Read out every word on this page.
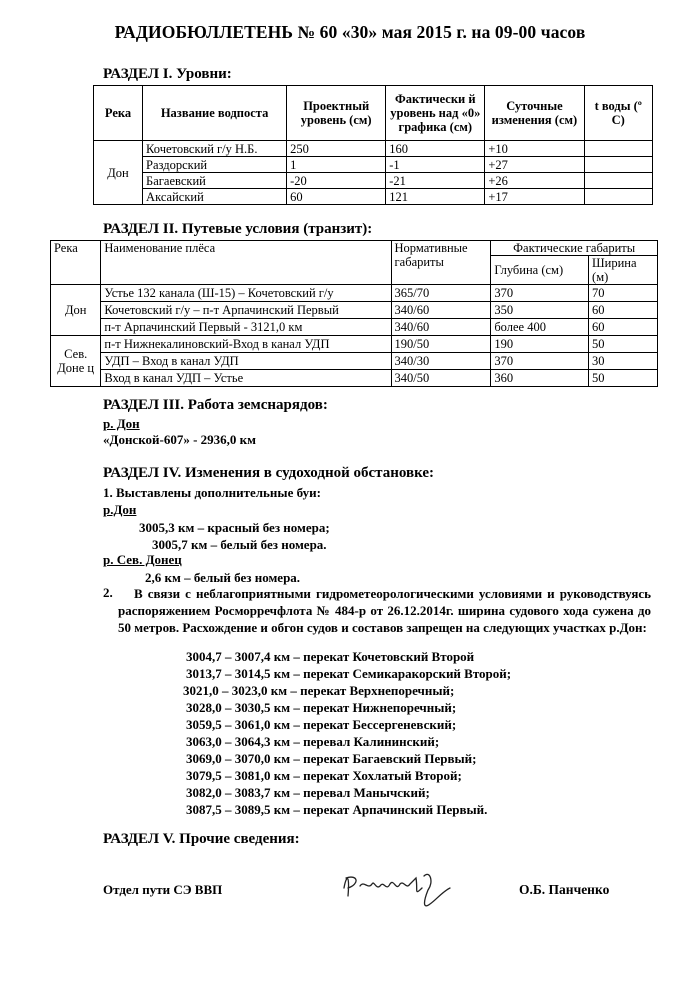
РАДИОБЮЛЛЕТЕНЬ № 60 «30» мая 2015 г. на 09-00 часов
РАЗДЕЛ I. Уровни:
Река	Название водпоста	Проектный уровень (см)	Фактически й уровень над «0» графика (см)	Суточные изменения (см)	t воды (º С)
Дон	Кочетовский г/у Н.Б.	250	160	+10	
	Раздорский	1	-1	+27	
	Багаевский	-20	-21	+26	
	Аксайский	60	121	+17	
РАЗДЕЛ II. Путевые условия (транзит):
Река	Наименование плёса	Нормативные габариты	Фактические габариты	
			Глубина (см)	Ширина (м)
Дон	Устье 132 канала (Ш-15) – Кочетовский г/у	365/70	370	70
	Кочетовский г/у – п-т Арпачинский Первый	340/60	350	60
	п-т Арпачинский Первый - 3121,0 км	340/60	более 400	60
Сев. Доне ц	п-т Нижнекалиновский-Вход в канал УДП	190/50	190	50
	УДП – Вход в канал УДП	340/30	370	30
	Вход в канал УДП – Устье	340/50	360	50
РАЗДЕЛ III. Работа земснарядов:
р. Дон
«Донской-607» - 2936,0 км
РАЗДЕЛ IV. Изменения в судоходной обстановке:
1. Выставлены дополнительные буи:
р.Дон
3005,3 км – красный без номера;
3005,7 км – белый без номера.
р. Сев. Донец
2,6 км – белый без номера.
2.	В связи с неблагоприятными гидрометеорологическими условиями и руководствуясь распоряжением Росморречфлота № 484-р от 26.12.2014г. ширина судового хода сужена до 50 метров. Расхождение и обгон судов и составов запрещен на следующих участках р.Дон:
3004,7 – 3007,4 км – перекат Кочетовский Второй
3013,7 – 3014,5 км – перекат Семикаракорский Второй;
3021,0 – 3023,0 км – перекат Верхнепоречный;
3028,0 – 3030,5 км – перекат Нижнепоречный;
3059,5 – 3061,0 км – перекат Бессергеневский;
3063,0 – 3064,3 км – перевал Калининский;
3069,0 – 3070,0 км – перекат Багаевский Первый;
3079,5 – 3081,0 км – перекат Хохлатый Второй;
3082,0 – 3083,7 км – перевал Манычский;
3087,5 – 3089,5 км – перекат Арпачинский Первый.
РАЗДЕЛ V. Прочие сведения:
Отдел пути СЭ ВВП	О.Б. Панченко
